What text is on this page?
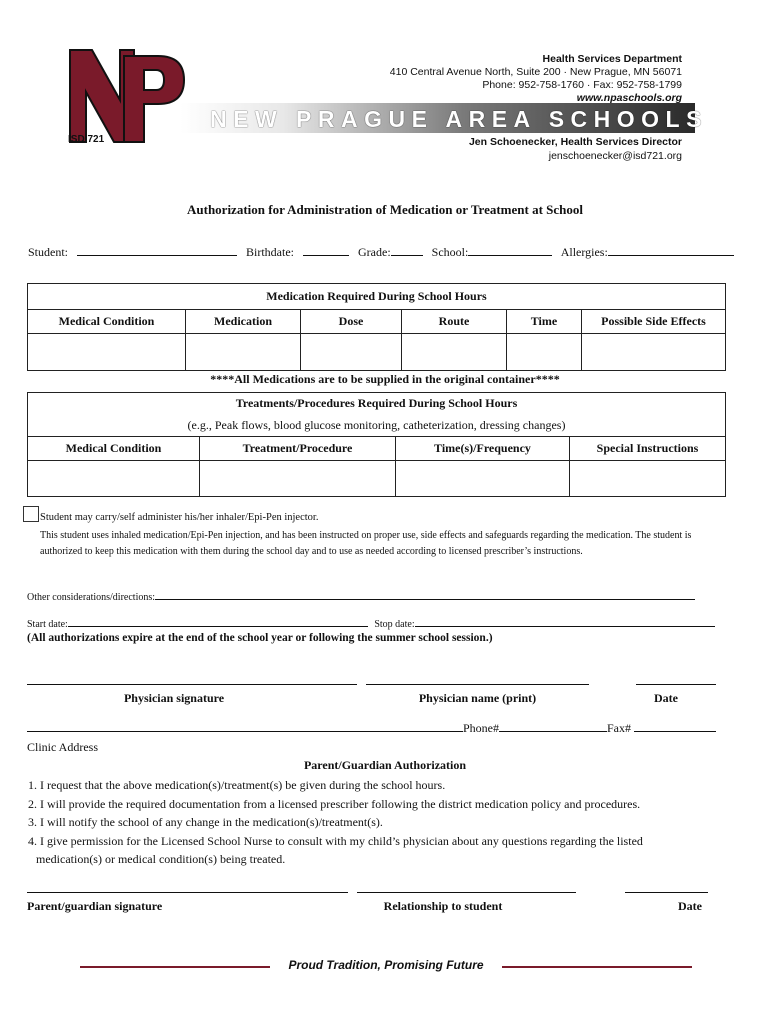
NEW PRAGUE AREA SCHOOLS
ISD 721
Health Services Department
410 Central Avenue North, Suite 200 · New Prague, MN 56071
Phone: 952-758-1760 · Fax: 952-758-1799
www.npaschools.org
Jen Schoenecker, Health Services Director
jenschoenecker@isd721.org
Authorization for Administration of Medication or Treatment at School
Student:	Birthdate:	Grade:	School:	Allergies:
Medication Required During School Hours					
Medical Condition	Medication	Dose	Route	Time	Possible Side Effects

****All Medications are to be supplied in the original container****
Treatments/Procedures Required During School Hours			
(e.g., Peak flows, blood glucose monitoring, catheterization, dressing changes)			
Medical Condition	Treatment/Procedure	Time(s)/Frequency	Special Instructions

Student may carry/self administer his/her inhaler/Epi-Pen injector.
This student uses inhaled medication/Epi-Pen injection, and has been instructed on proper use, side effects and safeguards regarding the medication. The student is authorized to keep this medication with them during the school day and to use as needed according to licensed prescriber’s instructions.
Other considerations/directions:
Start date:	Stop date:
(All authorizations expire at the end of the school year or following the summer school session.)
Physician signature	Physician name (print)	Date
Phone#	Fax#
Clinic Address
Parent/Guardian Authorization
1. I request that the above medication(s)/treatment(s) be given during the school hours.
2. I will provide the required documentation from a licensed prescriber following the district medication policy and procedures.
3. I will notify the school of any change in the medication(s)/treatment(s).
4. I give permission for the Licensed School Nurse to consult with my child’s physician about any questions regarding the listed
medication(s) or medical condition(s) being treated.
Parent/guardian signature	Relationship to student	Date
Proud Tradition, Promising Future
